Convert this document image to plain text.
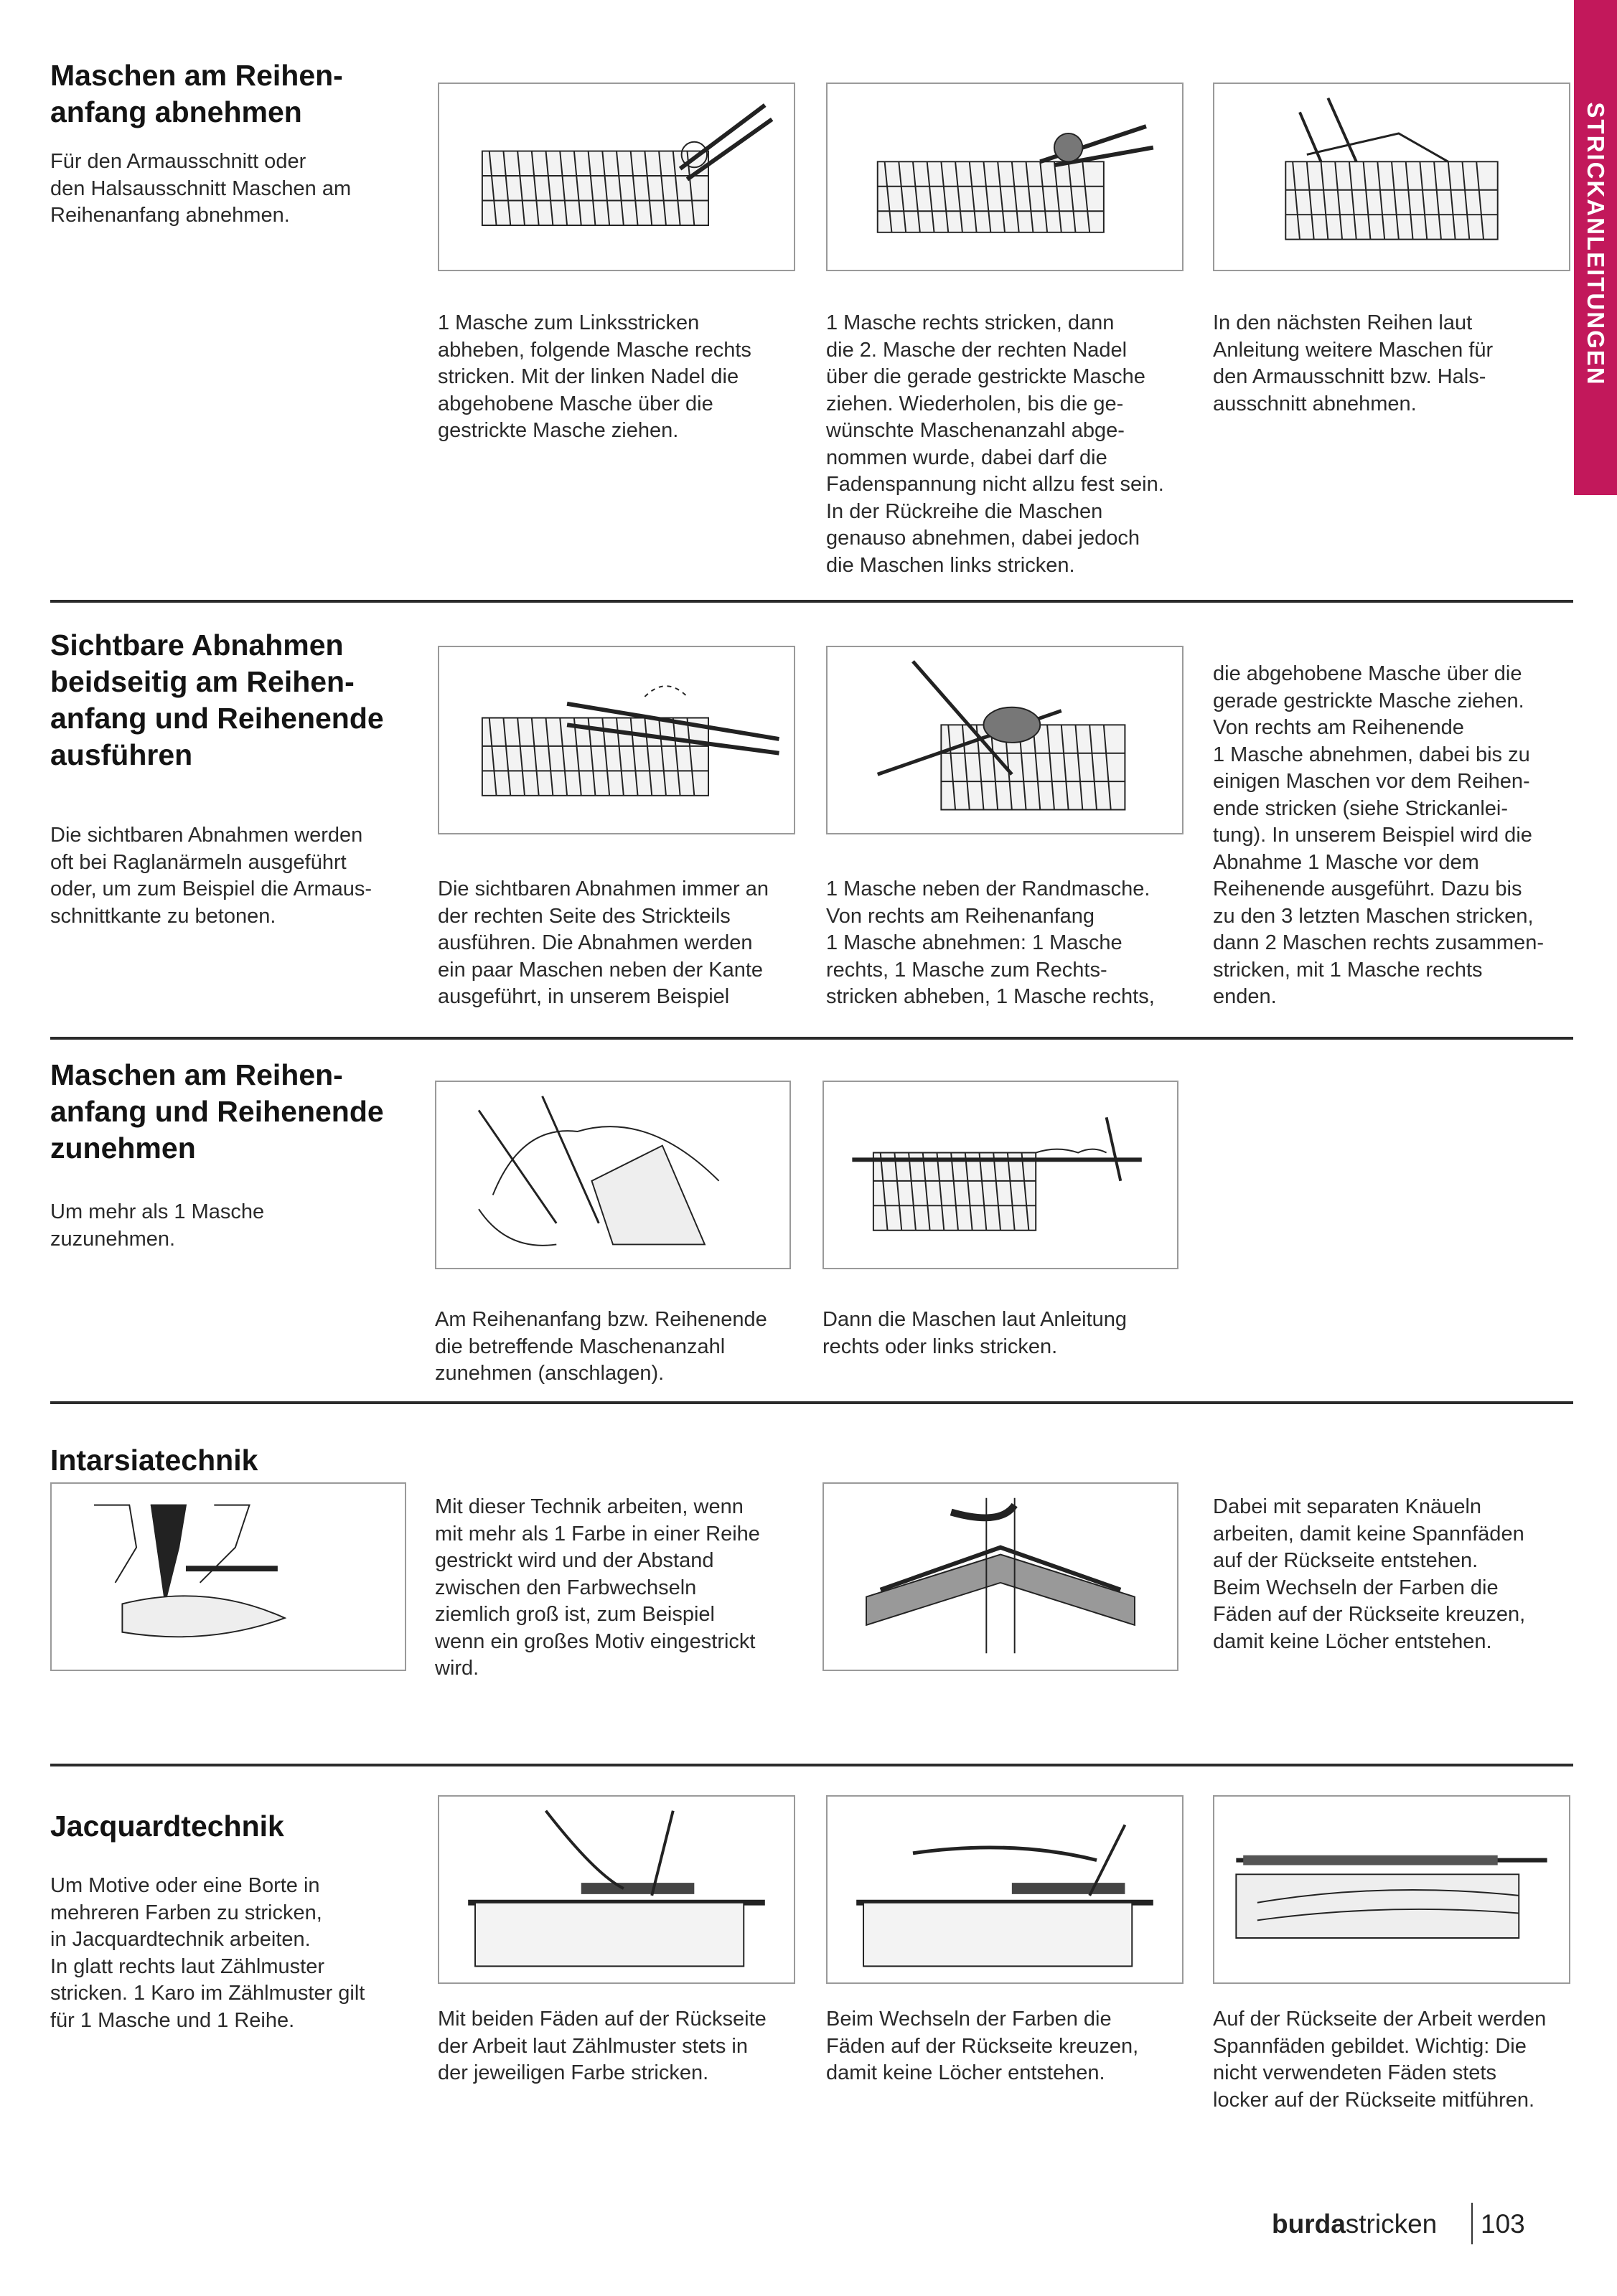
STRICKANLEITUNGEN
Maschen am Reihen-
anfang abnehmen
Für den Armausschnitt oder
den Halsausschnitt Maschen am
Reihenanfang abnehmen.
1 Masche zum Linksstricken
abheben, folgende Masche rechts
stricken. Mit der linken Nadel die
abgehobene Masche über die
gestrickte Masche ziehen.
1 Masche rechts stricken, dann
die 2. Masche der rechten Nadel
über die gerade gestrickte Masche
ziehen. Wiederholen, bis die ge-
wünschte Maschenanzahl abge-
nommen wurde, dabei darf die
Fadenspannung nicht allzu fest sein.
In der Rückreihe die Maschen
genauso abnehmen, dabei jedoch
die Maschen links stricken.
In den nächsten Reihen laut
Anleitung weitere Maschen für
den Armausschnitt bzw. Hals-
ausschnitt abnehmen.
Sichtbare Abnahmen
beidseitig am Reihen-
anfang und Reihenende
ausführen
Die sichtbaren Abnahmen werden
oft bei Raglanärmeln ausgeführt
oder, um zum Beispiel die Armaus-
schnittkante zu betonen.
Die sichtbaren Abnahmen immer an
der rechten Seite des Strickteils
ausführen. Die Abnahmen werden
ein paar Maschen neben der Kante
ausgeführt, in unserem Beispiel
1 Masche neben der Randmasche.
Von rechts am Reihenanfang
1 Masche abnehmen: 1 Masche
rechts, 1 Masche zum Rechts-
stricken abheben, 1 Masche rechts,
die abgehobene Masche über die
gerade gestrickte Masche ziehen.
Von rechts am Reihenende
1 Masche abnehmen, dabei bis zu
einigen Maschen vor dem Reihen-
ende stricken (siehe Strickanlei-
tung). In unserem Beispiel wird die
Abnahme 1 Masche vor dem
Reihenende ausgeführt. Dazu bis
zu den 3 letzten Maschen stricken,
dann 2 Maschen rechts zusammen-
stricken, mit 1 Masche rechts
enden.
Maschen am Reihen-
anfang und Reihenende
zunehmen
Um mehr als 1 Masche
zuzunehmen.
Am Reihenanfang bzw. Reihenende
die betreffende Maschenanzahl
zunehmen (anschlagen).
Dann die Maschen laut Anleitung
rechts oder links stricken.
Intarsiatechnik
Mit dieser Technik arbeiten, wenn
mit mehr als 1 Farbe in einer Reihe
gestrickt wird und der Abstand
zwischen den Farbwechseln
ziemlich groß ist, zum Beispiel
wenn ein großes Motiv eingestrickt
wird.
Dabei mit separaten Knäueln
arbeiten, damit keine Spannfäden
auf der Rückseite entstehen.
Beim Wechseln der Farben die
Fäden auf der Rückseite kreuzen,
damit keine Löcher entstehen.
Jacquardtechnik
Um Motive oder eine Borte in
mehreren Farben zu stricken,
in Jacquardtechnik arbeiten.
In glatt rechts laut Zählmuster
stricken. 1 Karo im Zählmuster gilt
für 1 Masche und 1 Reihe.	Mit beiden Fäden auf der Rückseite
der Arbeit laut Zählmuster stets in
der jeweiligen Farbe stricken.
Beim Wechseln der Farben die
Fäden auf der Rückseite kreuzen,
damit keine Löcher entstehen.
Auf der Rückseite der Arbeit werden
Spannfäden gebildet. Wichtig: Die
nicht verwendeten Fäden stets
locker auf der Rückseite mitführen.
burdastricken 103
